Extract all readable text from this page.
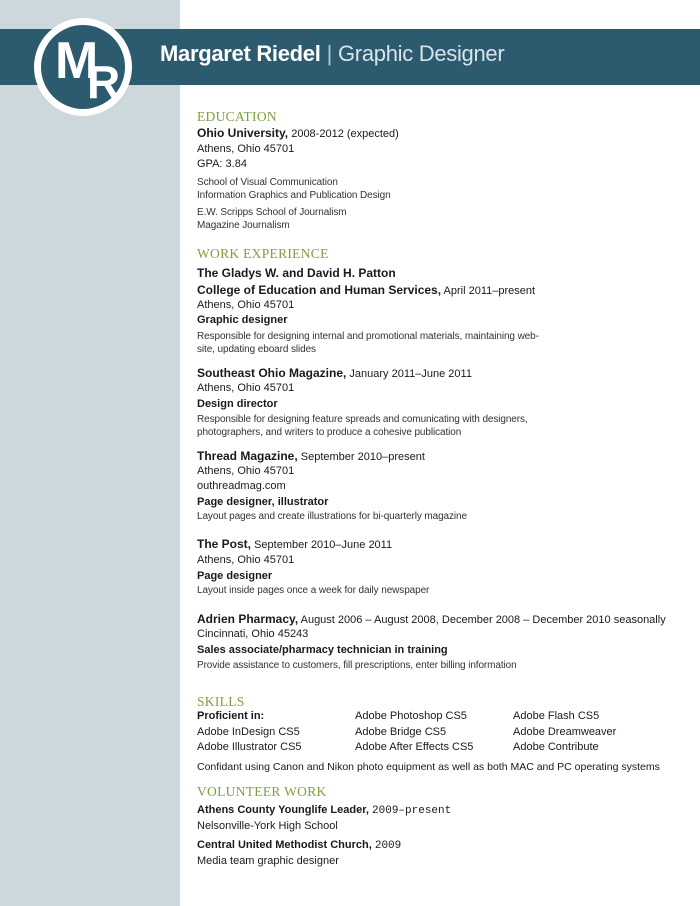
M
R
Margaret Riedel | Graphic Designer
EDUCATION
Ohio University, 2008-2012 (expected)
Athens, Ohio 45701
GPA: 3.84
School of Visual Communication
Information Graphics and Publication Design
E.W. Scripps School of Journalism
Magazine Journalism
WORK EXPERIENCE
The Gladys W. and David H. Patton
College of Education and Human Services, April 2011–present
Athens, Ohio 45701
Graphic designer
Responsible for designing internal and promotional materials, maintaining web-
site, updating eboard slides
Southeast Ohio Magazine, January 2011–June 2011
Athens, Ohio 45701
Design director
Responsible for designing feature spreads and comunicating with designers,
photographers, and writers to produce a cohesive publication
Thread Magazine, September 2010–present
Athens, Ohio 45701
outhreadmag.com
Page designer, illustrator
Layout pages and create illustrations for bi-quarterly magazine
The Post, September 2010–June 2011
Athens, Ohio 45701
Page designer
Layout inside pages once a week for daily newspaper
Adrien Pharmacy, August 2006 – August 2008, December 2008 – December 2010 seasonally
Cincinnati, Ohio 45243
Sales associate/pharmacy technician in training
Provide assistance to customers, fill prescriptions, enter billing information
SKILLS
Proficient in:
Adobe InDesign CS5
Adobe Illustrator CS5
Adobe Photoshop CS5
Adobe Bridge CS5
Adobe After Effects CS5
Adobe Flash CS5
Adobe Dreamweaver
Adobe Contribute
Confidant using Canon and Nikon photo equipment as well as both MAC and PC operating systems
VOLUNTEER WORK
Athens County Younglife Leader, 2009–present
Nelsonville-York High School
Central United Methodist Church, 2009
Media team graphic designer
